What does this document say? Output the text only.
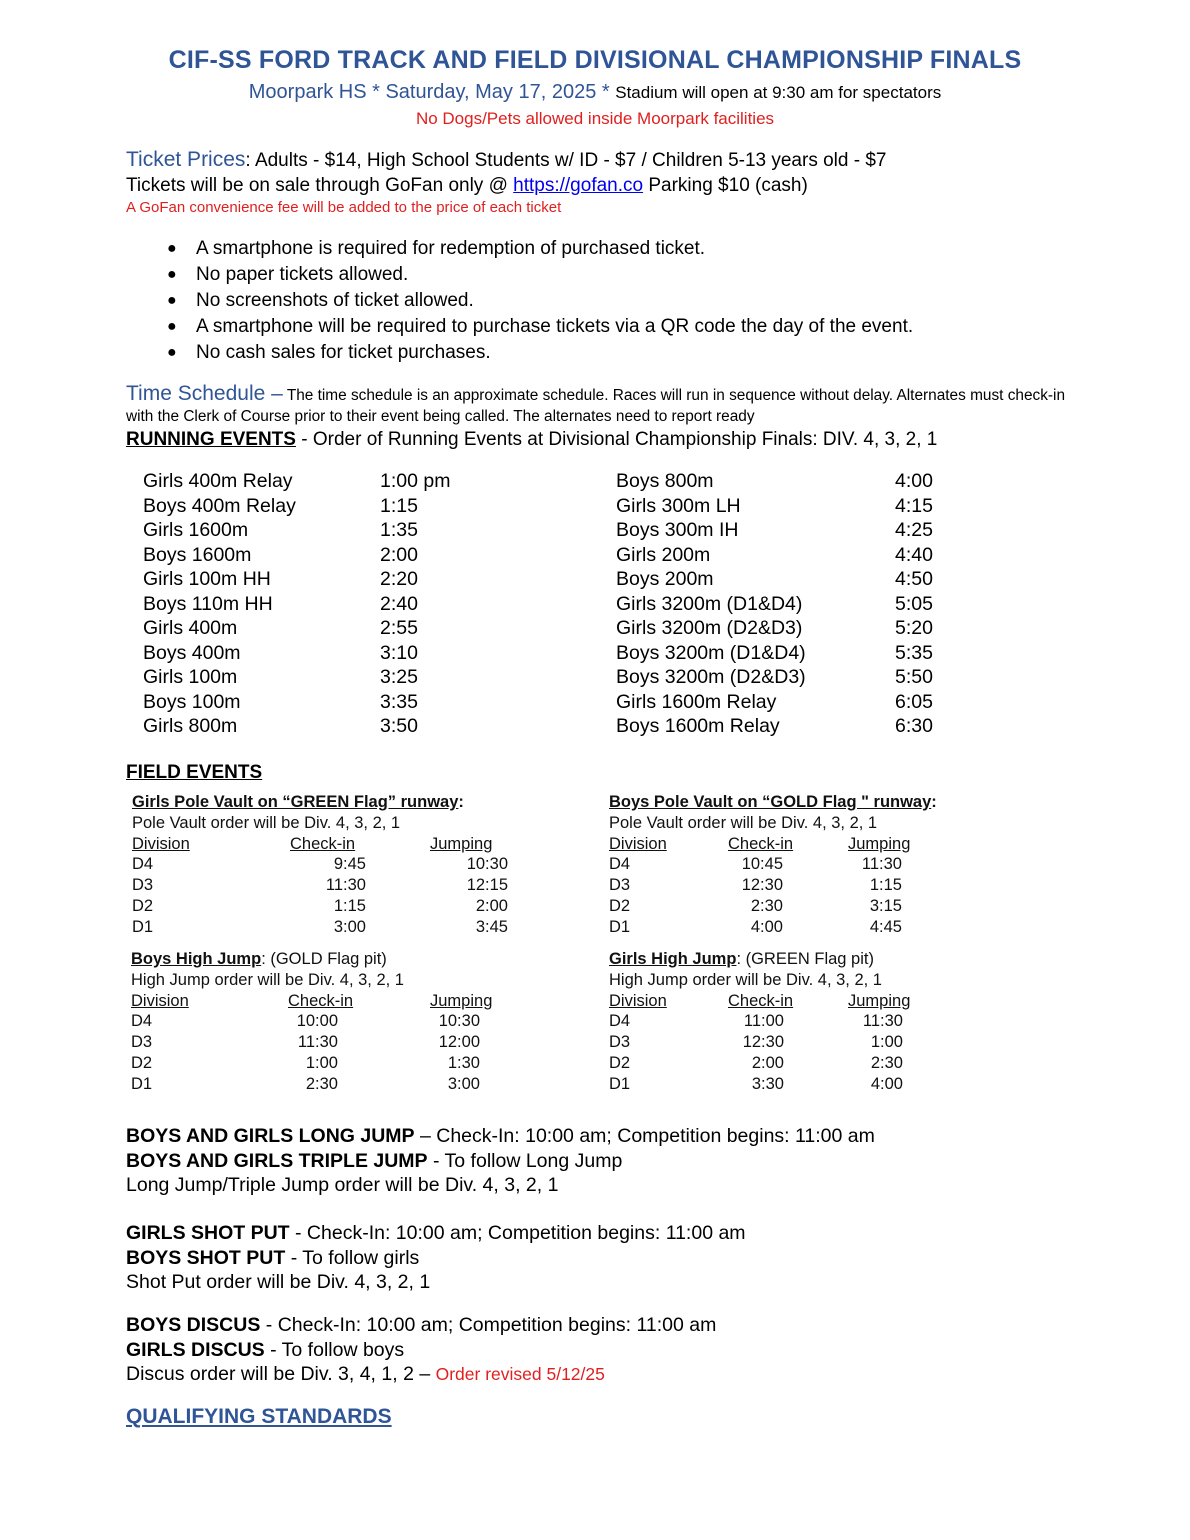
CIF-SS FORD TRACK AND FIELD DIVISIONAL CHAMPIONSHIP FINALS
Moorpark HS * Saturday, May 17, 2025 * Stadium will open at 9:30 am for spectators
No Dogs/Pets allowed inside Moorpark facilities
Ticket Prices: Adults - $14, High School Students w/ ID - $7 / Children 5-13 years old - $7
Tickets will be on sale through GoFan only @ https://gofan.co Parking $10 (cash)
A GoFan convenience fee will be added to the price of each ticket
● A smartphone is required for redemption of purchased ticket.
● No paper tickets allowed.
● No screenshots of ticket allowed.
● A smartphone will be required to purchase tickets via a QR code the day of the event.
● No cash sales for ticket purchases.
Time Schedule – The time schedule is an approximate schedule. Races will run in sequence without delay. Alternates must check-in with the Clerk of Course prior to their event being called. The alternates need to report ready
RUNNING EVENTS - Order of Running Events at Divisional Championship Finals: DIV. 4, 3, 2, 1
Girls 400m Relay	1:00 pm
Boys 400m Relay	1:15
Girls 1600m	1:35
Boys 1600m	2:00
Girls 100m HH	2:20
Boys 110m HH	2:40
Girls 400m	2:55
Boys 400m	3:10
Girls 100m	3:25
Boys 100m	3:35
Girls 800m	3:50
Boys 800m	4:00
Girls 300m LH	4:15
Boys 300m IH	4:25
Girls 200m	4:40
Boys 200m	4:50
Girls 3200m (D1&D4)	5:05
Girls 3200m (D2&D3)	5:20
Boys 3200m (D1&D4)	5:35
Boys 3200m (D2&D3)	5:50
Girls 1600m Relay	6:05
Boys 1600m Relay	6:30
FIELD EVENTS
Girls Pole Vault on “GREEN Flag” runway:
Pole Vault order will be Div. 4, 3, 2, 1
Division	Check-in	Jumping
D4	9:45	10:30
D3	11:30	12:15
D2	1:15	2:00
D1	3:00	3:45
Boys Pole Vault on “GOLD Flag " runway:
Pole Vault order will be Div. 4, 3, 2, 1
Division	Check-in	Jumping
D4	10:45	11:30
D3	12:30	1:15
D2	2:30	3:15
D1	4:00	4:45
Boys High Jump: (GOLD Flag pit)
High Jump order will be Div. 4, 3, 2, 1
Division	Check-in	Jumping
D4	10:00	10:30
D3	11:30	12:00
D2	1:00	1:30
D1	2:30	3:00
Girls High Jump: (GREEN Flag pit)
High Jump order will be Div. 4, 3, 2, 1
Division	Check-in	Jumping
D4	11:00	11:30
D3	12:30	1:00
D2	2:00	2:30
D1	3:30	4:00
BOYS AND GIRLS LONG JUMP – Check-In: 10:00 am; Competition begins: 11:00 am
BOYS AND GIRLS TRIPLE JUMP - To follow Long Jump
Long Jump/Triple Jump order will be Div. 4, 3, 2, 1
GIRLS SHOT PUT - Check-In: 10:00 am; Competition begins: 11:00 am
BOYS SHOT PUT - To follow girls
Shot Put order will be Div. 4, 3, 2, 1
BOYS DISCUS - Check-In: 10:00 am; Competition begins: 11:00 am
GIRLS DISCUS - To follow boys
Discus order will be Div. 3, 4, 1, 2 – Order revised 5/12/25
QUALIFYING STANDARDS
